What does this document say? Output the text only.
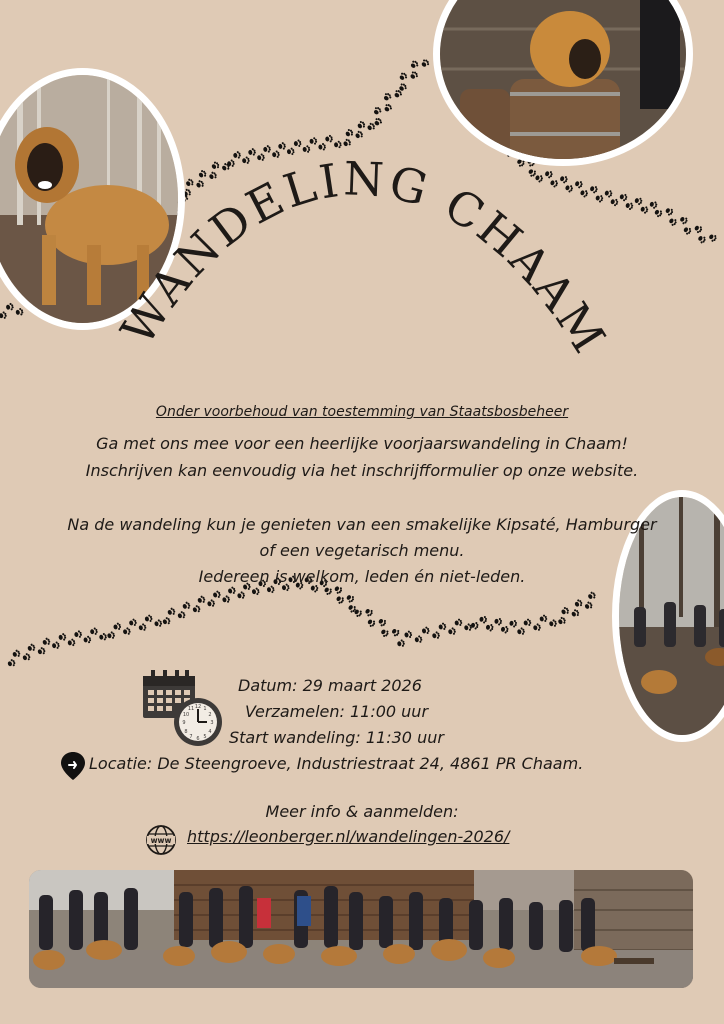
WANDELING CHAAM
Onder voorbehoud van toestemming van Staatsbosbeheer
Ga met ons mee voor een heerlijke voorjaarswandeling in Chaam!
Inschrijven kan eenvoudig via het inschrijfformulier op onze website.
Na de wandeling kun je genieten van een smakelijke Kipsaté, Hamburger
of een vegetarisch menu.
Iedereen is welkom, leden én niet-leden.
12
3
6
9
1
2
4
5
7
8
10
11
Datum: 29 maart 2026
Verzamelen: 11:00 uur
Start wandeling: 11:30 uur
Locatie: De Steengroeve, Industriestraat 24, 4861 PR Chaam.
Meer info & aanmelden:
www https://leonberger.nl/wandelingen-2026/
